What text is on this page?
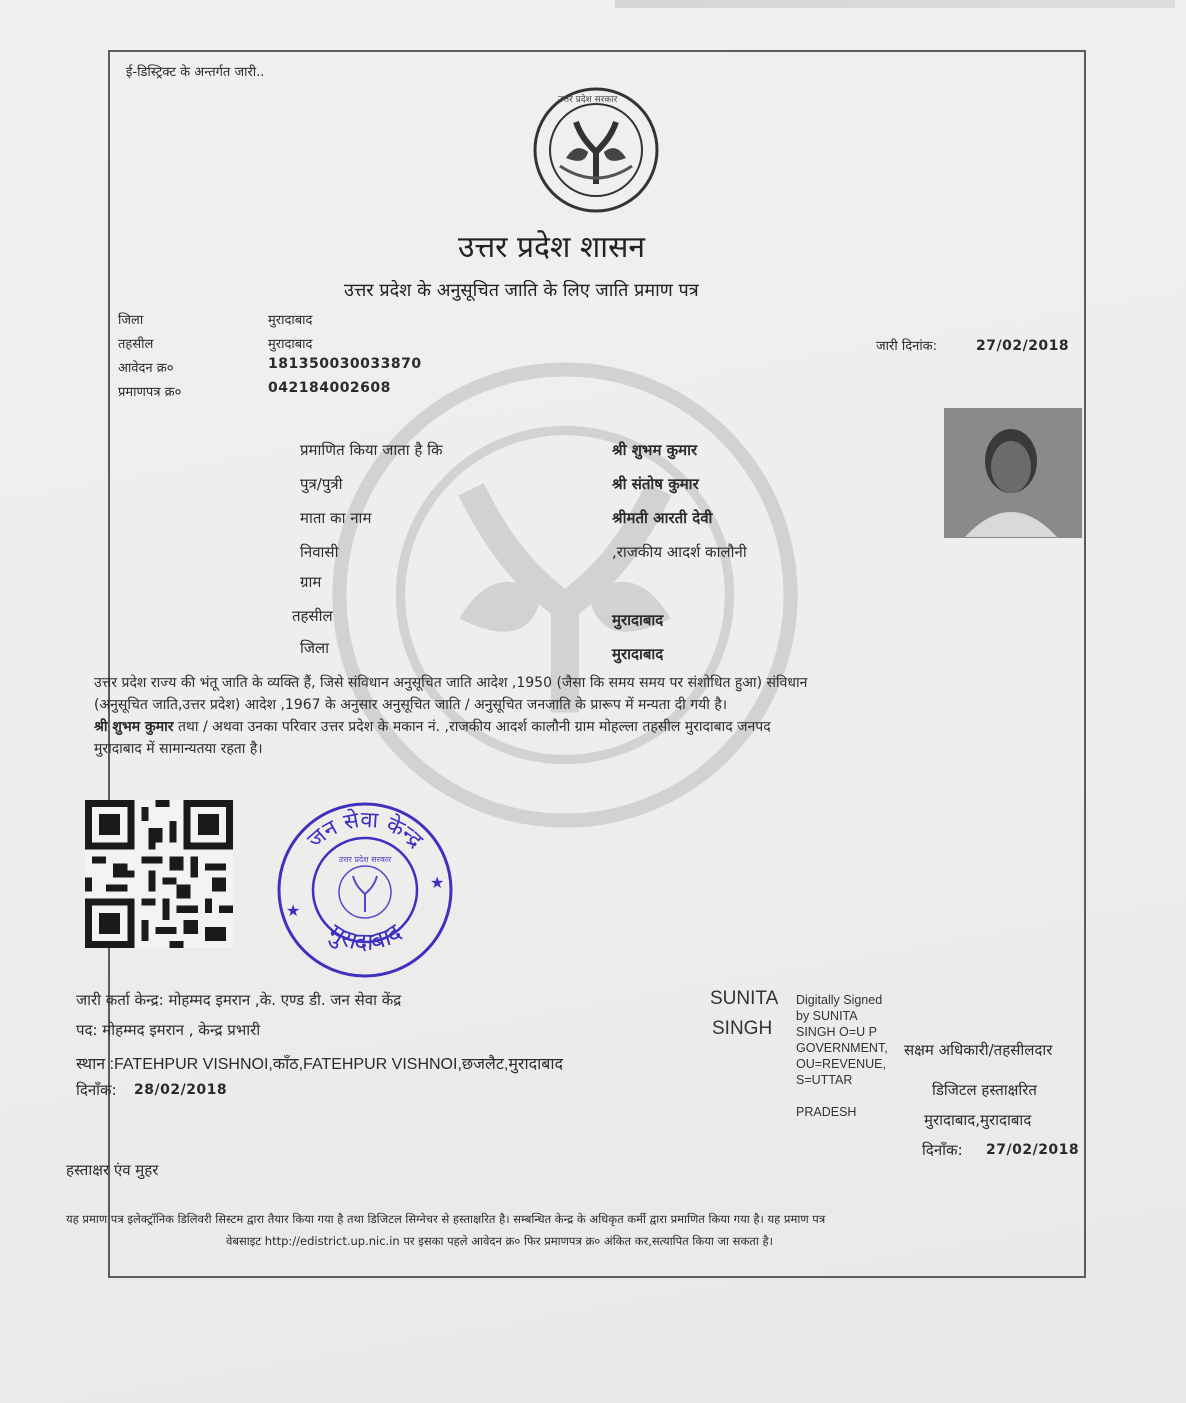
उत्तर प्रदेश सरकार
ई-डिस्ट्रिक्ट के अन्तर्गत जारी..
उत्तर प्रदेश शासन
उत्तर प्रदेश के अनुसूचित जाति के लिए जाति प्रमाण पत्र
जिला	मुरादाबाद
तहसील	मुरादाबाद
आवेदन क्र०	181350030033870
प्रमाणपत्र क्र०	042184002608
जारी दिनांक:	27/02/2018
प्रमाणित किया जाता है कि	श्री शुभम कुमार
पुत्र/पुत्री	श्री संतोष कुमार
माता का नाम	श्रीमती आरती देवी
निवासी	,राजकीय आदर्श कालौनी
ग्राम
तहसील	मुरादाबाद
जिला	मुरादाबाद
उत्तर प्रदेश राज्य की भंतू जाति के व्यक्ति हैं, जिसे संविधान अनुसूचित जाति आदेश ,1950 (जैसा कि समय समय पर संशोधित हुआ) संविधान
(अनुसूचित जाति,उत्तर प्रदेश) आदेश ,1967 के अनुसार अनुसूचित जाति / अनुसूचित जनजाति के प्रारूप में मन्यता दी गयी है।
श्री शुभम कुमार तथा / अथवा उनका परिवार उत्तर प्रदेश के मकान नं. ,राजकीय आदर्श कालौनी ग्राम मोहल्ला तहसील मुरादाबाद जनपद
मुरादाबाद में सामान्यतया रहता है।
जन सेवा केन्द्र
मुरादाबाद
उत्तर प्रदेश सरकार
★
★
जारी कर्ता केन्द्र: मोहम्मद इमरान ,के. एण्ड डी. जन सेवा केंद्र
पद: मोहम्मद इमरान , केन्द्र प्रभारी
स्थान :FATEHPUR VISHNOI,काँठ,FATEHPUR VISHNOI,छजलैट,मुरादाबाद
दिनाँक: 28/02/2018
SUNITA
SINGH
Digitally Signed
by SUNITA
SINGH O=U P
GOVERNMENT,
OU=REVENUE,
S=UTTAR
PRADESH
सक्षम अधिकारी/तहसीलदार
डिजिटल हस्ताक्षरित
मुरादाबाद,मुरादाबाद
दिनाँक: 27/02/2018
हस्ताक्षर एंव मुहर
यह प्रमाण पत्र इलेक्ट्रॉनिक डिलिवरी सिस्टम द्वारा तैयार किया गया है तथा डिजिटल सिग्नेचर से हस्ताक्षरित है। सम्बन्धित केन्द्र के अधिकृत कर्मी द्वारा प्रमाणित किया गया है। यह प्रमाण पत्र
वेबसाइट http://edistrict.up.nic.in पर इसका पहले आवेदन क्र० फिर प्रमाणपत्र क्र० अंकित कर,सत्यापित किया जा सकता है।
